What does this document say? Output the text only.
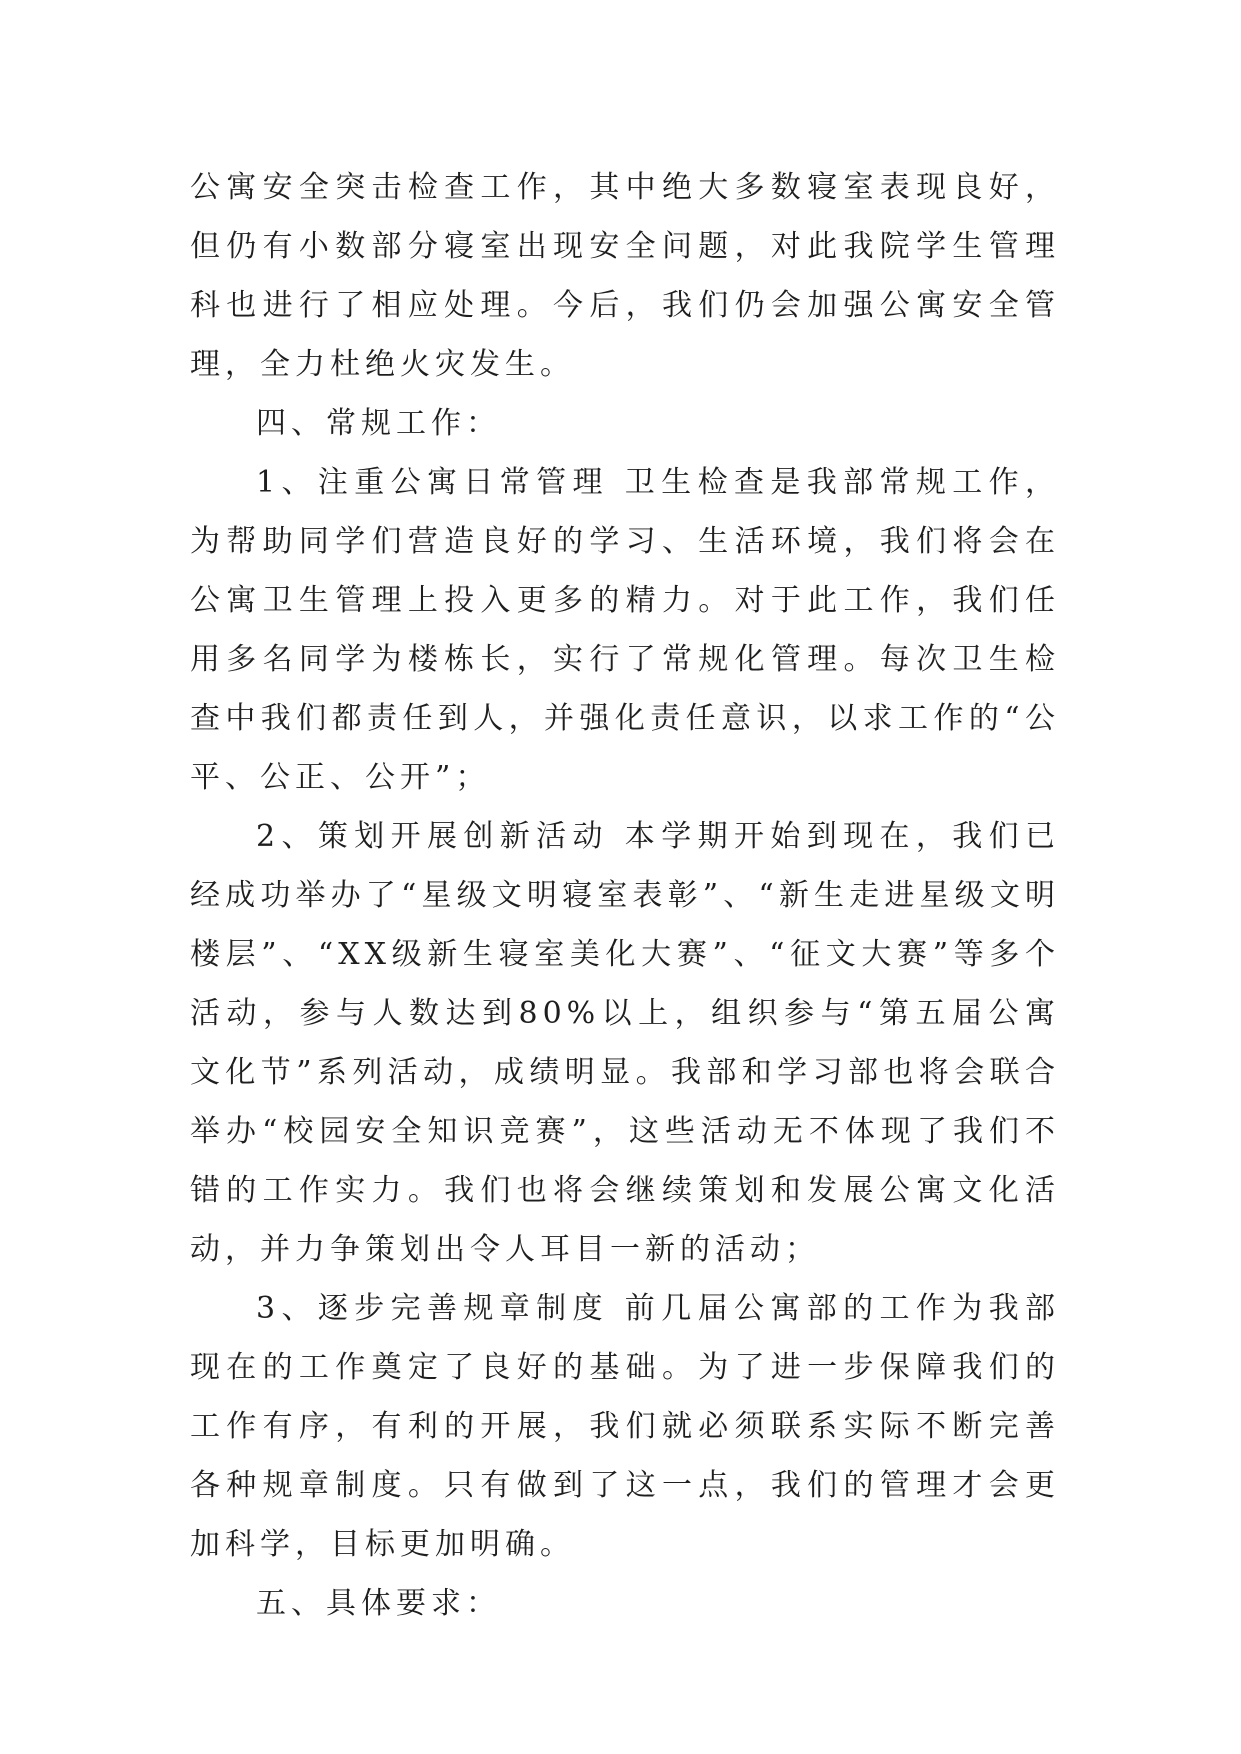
公寓安全突击检查工作，其中绝大多数寝室表现良好，但仍有小数部分寝室出现安全问题，对此我院学生管理科也进行了相应处理。今后，我们仍会加强公寓安全管理，全力杜绝火灾发生。

四、常规工作：

1、注重公寓日常管理 卫生检查是我部常规工作，为帮助同学们营造良好的学习、生活环境，我们将会在公寓卫生管理上投入更多的精力。对于此工作，我们任用多名同学为楼栋长，实行了常规化管理。每次卫生检查中我们都责任到人，并强化责任意识，以求工作的“公平、公正、公开”；

2、策划开展创新活动 本学期开始到现在，我们已经成功举办了“星级文明寝室表彰”、“新生走进星级文明楼层”、“XX级新生寝室美化大赛”、“征文大赛”等多个活动，参与人数达到80%以上，组织参与“第五届公寓文化节”系列活动，成绩明显。我部和学习部也将会联合举办“校园安全知识竞赛”，这些活动无不体现了我们不错的工作实力。我们也将会继续策划和发展公寓文化活动，并力争策划出令人耳目一新的活动；

3、逐步完善规章制度 前几届公寓部的工作为我部现在的工作奠定了良好的基础。为了进一步保障我们的工作有序，有利的开展，我们就必须联系实际不断完善各种规章制度。只有做到了这一点，我们的管理才会更加科学，目标更加明确。

五、具体要求：
